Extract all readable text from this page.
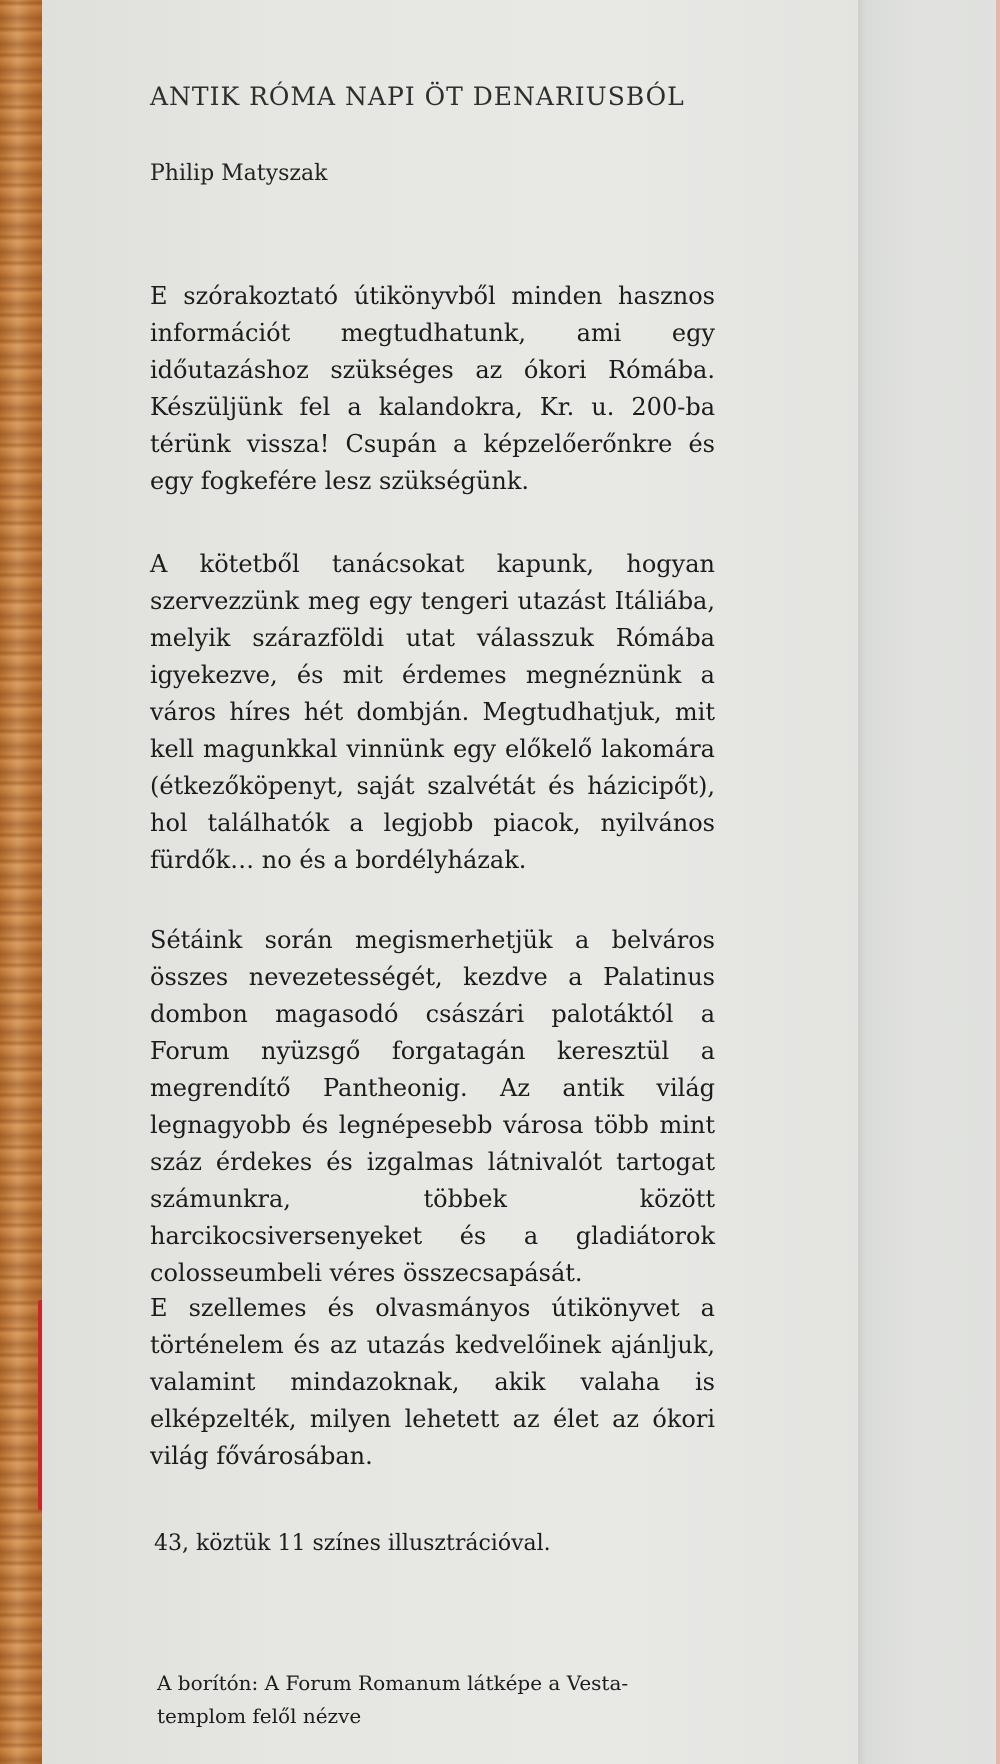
ANTIK RÓMA NAPI ÖT DENARIUSBÓL
Philip Matyszak
E szórakoztató útikönyvből minden hasznos információt megtudhatunk, ami egy időutazáshoz szükséges az ókori Rómába. Készüljünk fel a kalandokra, Kr. u. 200-ba térünk vissza! Csupán a képzelőerőnkre és egy fogkefére lesz szükségünk.
A kötetből tanácsokat kapunk, hogyan szervezzünk meg egy tengeri utazást Itáliába, melyik szárazföldi utat válasszuk Rómába igyekezve, és mit érdemes megnéznünk a város híres hét dombján. Megtudhatjuk, mit kell magunkkal vinnünk egy előkelő lakomára (étkezőköpenyt, saját szalvétát és házicipőt), hol találhatók a legjobb piacok, nyilvános fürdők… no és a bordélyházak.
Sétáink során megismerhetjük a belváros összes nevezetességét, kezdve a Palatinus dombon magasodó császári palotáktól a Forum nyüzsgő forgatagán keresztül a megrendítő Pantheonig. Az antik világ legnagyobb és legnépesebb városa több mint száz érdekes és izgalmas látnivalót tartogat számunkra, többek között harcikocsiversenyeket és a gladiátorok colosseumbeli véres összecsapását.
E szellemes és olvasmányos útikönyvet a történelem és az utazás kedvelőinek ajánljuk, valamint mindazoknak, akik valaha is elképzelték, milyen lehetett az élet az ókori világ fővárosában.
43, köztük 11 színes illusztrációval.
A borítón: A Forum Romanum látképe a Vesta-templom felől nézve
